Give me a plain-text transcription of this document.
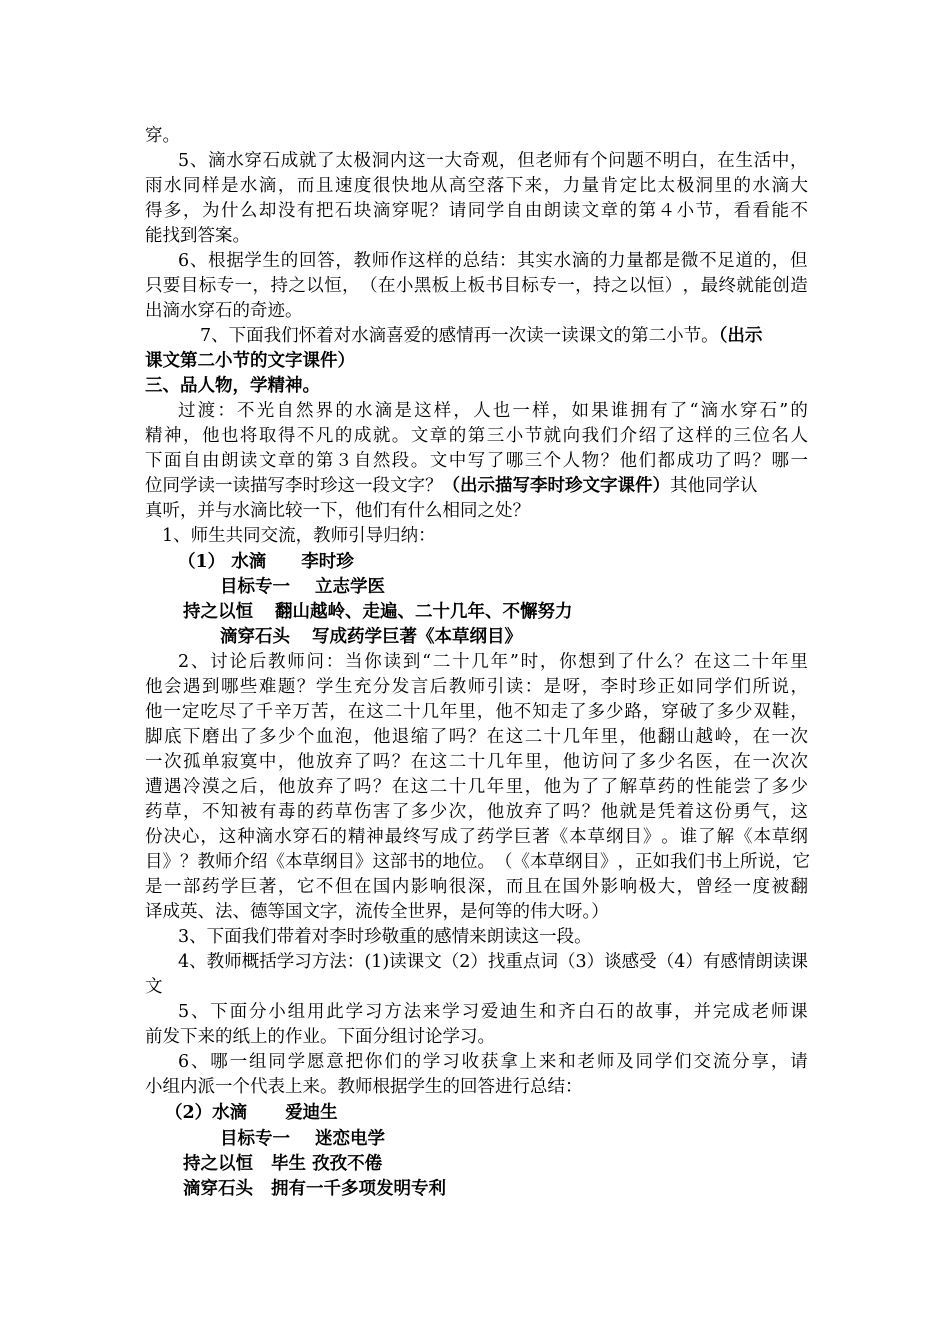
穿。
5 、 滴 水 穿 石 成 就 了 太 极 洞 内 这 一 大 奇 观 ， 但 老 师 有 个 问 题 不 明 白 ， 在 生 活 中 ，
雨 水 同 样 是 水 滴 ， 而 且 速 度 很 快 地 从 高 空 落 下 来 ， 力 量 肯 定 比 太 极 洞 里 的 水 滴 大
得 多 ， 为 什 么 却 没 有 把 石 块 滴 穿 呢 ？ 请 同 学 自 由 朗 读 文 章 的 第 ４ 小 节 ， 看 看 能 不
能找到答案。
6 、 根 据 学 生 的 回 答 ， 教 师 作 这 样 的 总 结 ： 其 实 水 滴 的 力 量 都 是 微 不 足 道 的 ， 但
只 要 目 标 专 一 ， 持 之 以 恒 ， （ 在 小 黑 板 上 板 书 目 标 专 一 ， 持 之 以 恒 ） ， 最 终 就 能 创 造
出滴水穿石的奇迹。
7、下面我们怀着对水滴喜爱的感情再一次读一读课文的第二小节。（出示
课文第二小节的文字课件）
三、品人物，学精神。
过 渡 ： 不 光 自 然 界 的 水 滴 是 这 样 ， 人 也 一 样 ， 如 果 谁 拥 有 了 “ 滴 水 穿 石 ” 的
精 神 ， 他 也 将 取 得 不 凡 的 成 就 。 文 章 的 第 三 小 节 就 向 我 们 介 绍 了 这 样 的 三 位 名 人
下 面 自 由 朗 读 文 章 的 第 ３ 自 然 段 。 文 中 写 了 哪 三 个 人 物 ？ 他 们 都 成 功 了 吗 ？ 哪 一
位同学读一读描写李时珍这一段文字？（出示描写李时珍文字课件）其他同学认
真听，并与水滴比较一下，他们有什么相同之处？
1、师生共同交流，教师引导归纳：
（1） 水滴 李时珍
目标专一 立志学医
持之以恒 翻山越岭、走遍、二十几年、不懈努力
滴穿石头 写成药学巨著《本草纲目》
2 、 讨 论 后 教 师 问 ： 当 你 读 到 “ 二 十 几 年 ” 时 ， 你 想 到 了 什 么 ？ 在 这 二 十 年 里
他 会 遇 到 哪 些 难 题 ？ 学 生 充 分 发 言 后 教 师 引 读 ： 是 呀 ， 李 时 珍 正 如 同 学 们 所 说 ，
他 一 定 吃 尽 了 千 辛 万 苦 ， 在 这 二 十 几 年 里 ， 他 不 知 走 了 多 少 路 ， 穿 破 了 多 少 双 鞋 ，
脚 底 下 磨 出 了 多 少 个 血 泡 ， 他 退 缩 了 吗 ？ 在 这 二 十 几 年 里 ， 他 翻 山 越 岭 ， 在 一 次
一 次 孤 单 寂 寞 中 ， 他 放 弃 了 吗 ？ 在 这 二 十 几 年 里 ， 他 访 问 了 多 少 名 医 ， 在 一 次 次
遭 遇 冷 漠 之 后 ， 他 放 弃 了 吗 ？ 在 这 二 十 几 年 里 ， 他 为 了 了 解 草 药 的 性 能 尝 了 多 少
药 草 ， 不 知 被 有 毒 的 药 草 伤 害 了 多 少 次 ， 他 放 弃 了 吗 ？ 他 就 是 凭 着 这 份 勇 气 ， 这
份 决 心 ， 这 种 滴 水 穿 石 的 精 神 最 终 写 成 了 药 学 巨 著 《 本 草 纲 目 》 。 谁 了 解 《 本 草 纲
目 》 ？ 教 师 介 绍 《 本 草 纲 目 》 这 部 书 的 地 位 。 （ 《 本 草 纲 目 》 ， 正 如 我 们 书 上 所 说 ， 它
是 一 部 药 学 巨 著 ， 它 不 但 在 国 内 影 响 很 深 ， 而 且 在 国 外 影 响 极 大 ， 曾 经 一 度 被 翻
译成英、法、德等国文字，流传全世界，是何等的伟大呀。）
3、下面我们带着对李时珍敬重的感情来朗读这一段。
4 、 教 师 概 括 学 习 方 法 ： ( 1 ) 读 课 文 （ 2 ） 找 重 点 词 （ 3 ） 谈 感 受 （ 4 ） 有 感 情 朗 读 课
文
5 、 下 面 分 小 组 用 此 学 习 方 法 来 学 习 爱 迪 生 和 齐 白 石 的 故 事 ， 并 完 成 老 师 课
前发下来的纸上的作业。下面分组讨论学习。
6 、 哪 一 组 同 学 愿 意 把 你 们 的 学 习 收 获 拿 上 来 和 老 师 及 同 学 们 交 流 分 享 ， 请
小组内派一个代表上来。教师根据学生的回答进行总结：
（2）水滴 爱迪生
目标专一 迷恋电学
持之以恒 毕生 孜孜不倦
滴穿石头 拥有一千多项发明专利
